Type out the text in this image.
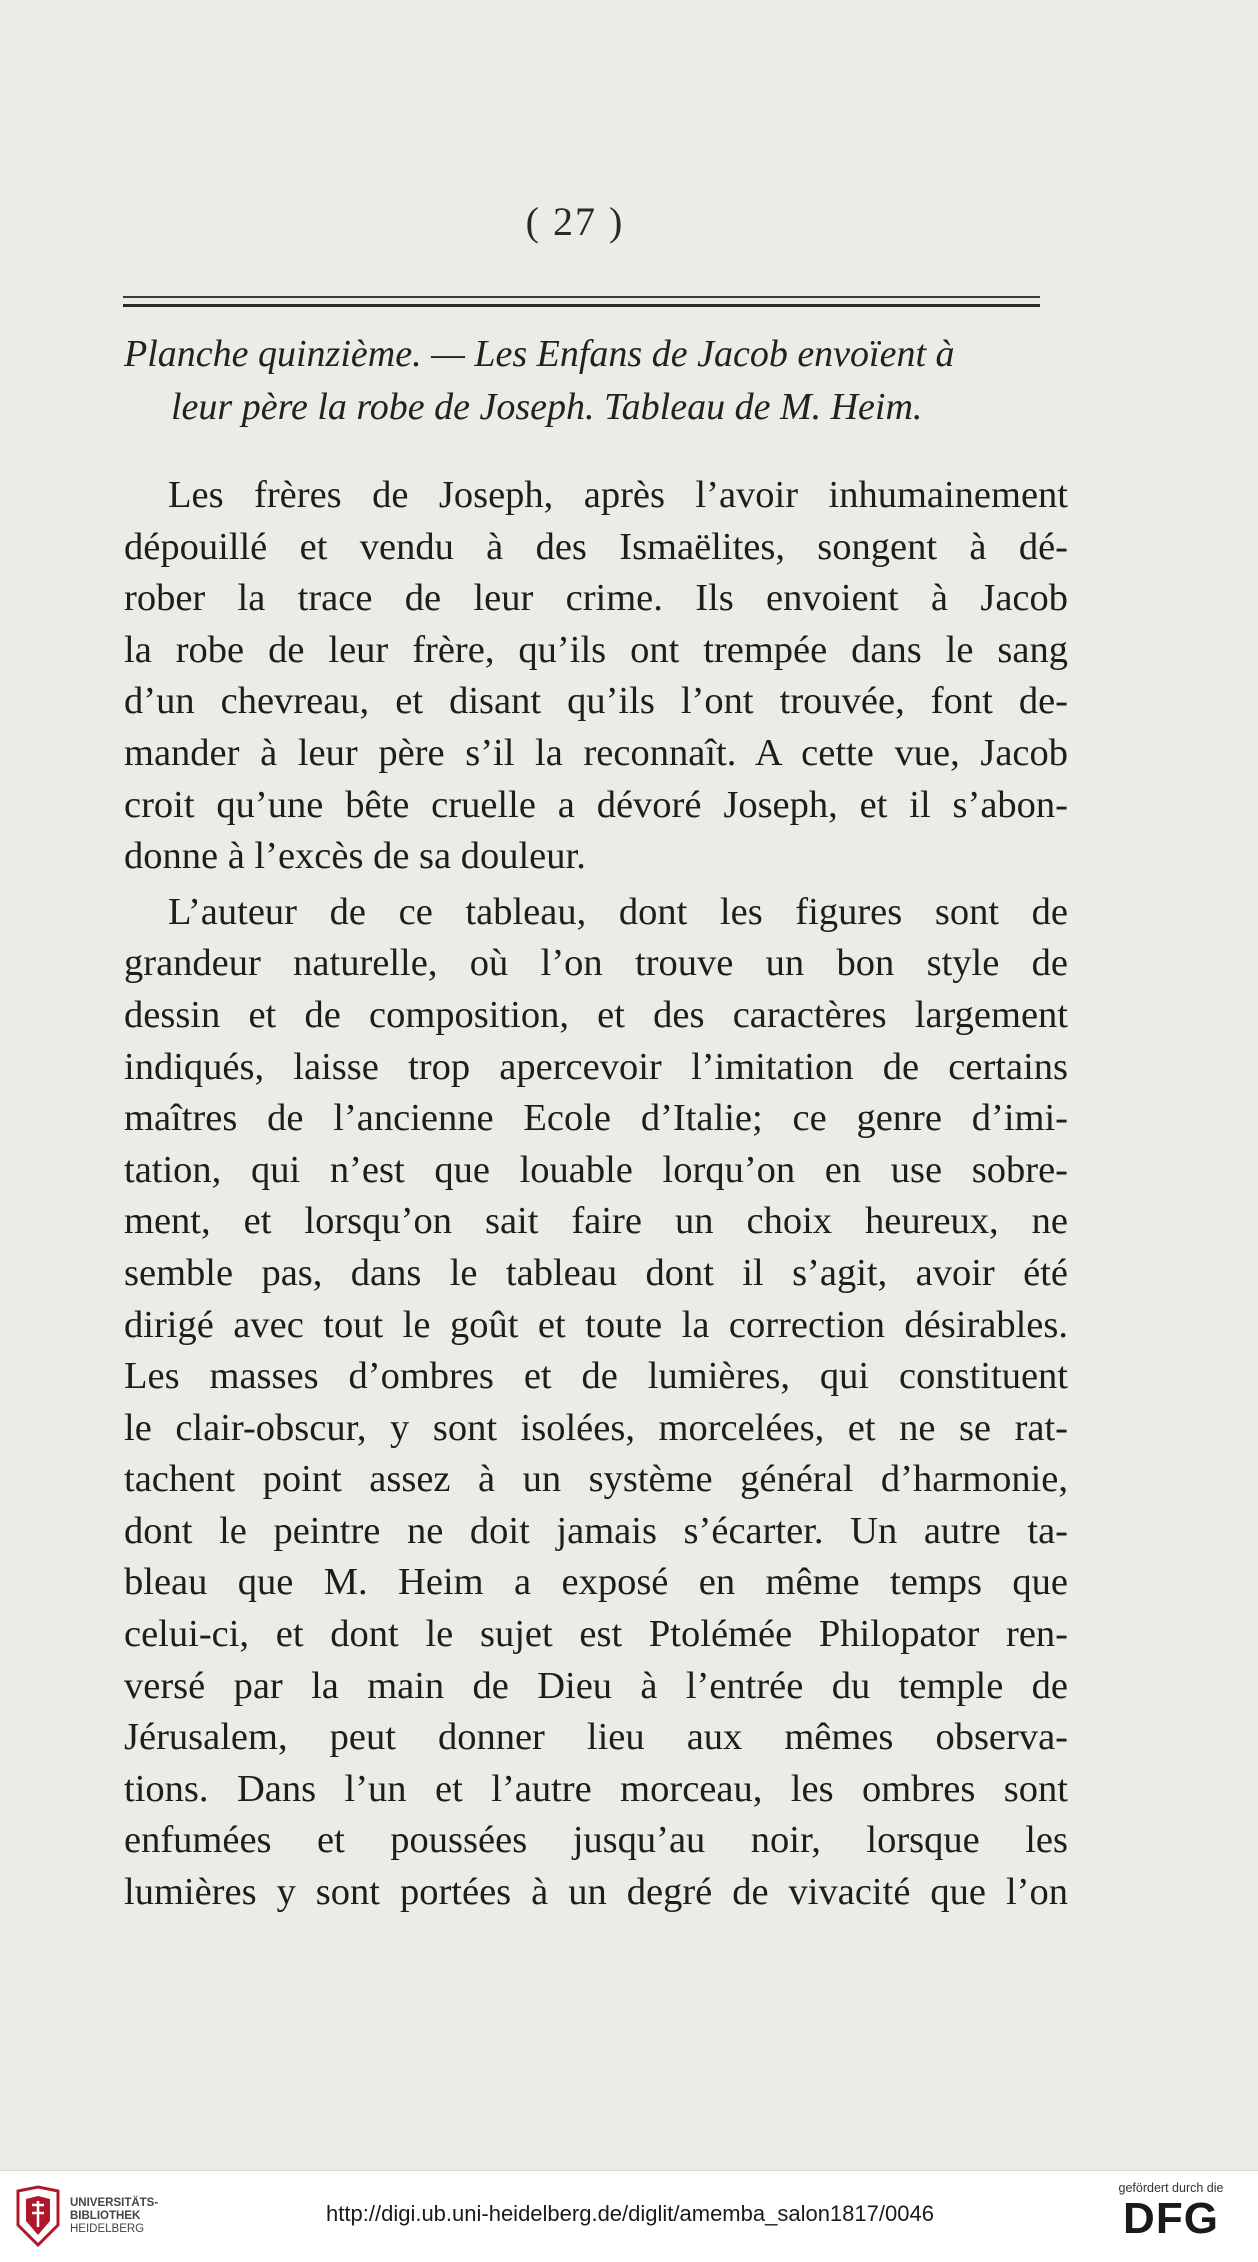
( 27 )
Planche quinzième. — Les Enfans de Jacob envoïent à
leur père la robe de Joseph. Tableau de M. Heim.

Les frères de Joseph, après l’avoir inhumainement
dépouillé et vendu à des Ismaëlites, songent à dé-
rober la trace de leur crime. Ils envoient à Jacob
la robe de leur frère, qu’ils ont trempée dans le sang
d’un chevreau, et disant qu’ils l’ont trouvée, font de-
mander à leur père s’il la reconnaît. A cette vue, Jacob
croit qu’une bête cruelle a dévoré Joseph, et il s’abon-
donne à l’excès de sa douleur.

L’auteur de ce tableau, dont les figures sont de
grandeur naturelle, où l’on trouve un bon style de
dessin et de composition, et des caractères largement
indiqués, laisse trop apercevoir l’imitation de certains
maîtres de l’ancienne Ecole d’Italie; ce genre d’imi-
tation, qui n’est que louable lorqu’on en use sobre-
ment, et lorsqu’on sait faire un choix heureux, ne
semble pas, dans le tableau dont il s’agit, avoir été
dirigé avec tout le goût et toute la correction désirables.
Les masses d’ombres et de lumières, qui constituent
le clair-obscur, y sont isolées, morcelées, et ne se rat-
tachent point assez à un système général d’harmonie,
dont le peintre ne doit jamais s’écarter. Un autre ta-
bleau que M. Heim a exposé en même temps que
celui-ci, et dont le sujet est Ptolémée Philopator ren-
versé par la main de Dieu à l’entrée du temple de
Jérusalem, peut donner lieu aux mêmes observa-
tions. Dans l’un et l’autre morceau, les ombres sont
enfumées et poussées jusqu’au noir, lorsque les
lumières y sont portées à un degré de vivacité que l’on

UNIVERSITÄTS-
BIBLIOTHEK
HEIDELBERG
http://digi.ub.uni-heidelberg.de/diglit/amemba_salon1817/0046
gefördert durch die
DFG
